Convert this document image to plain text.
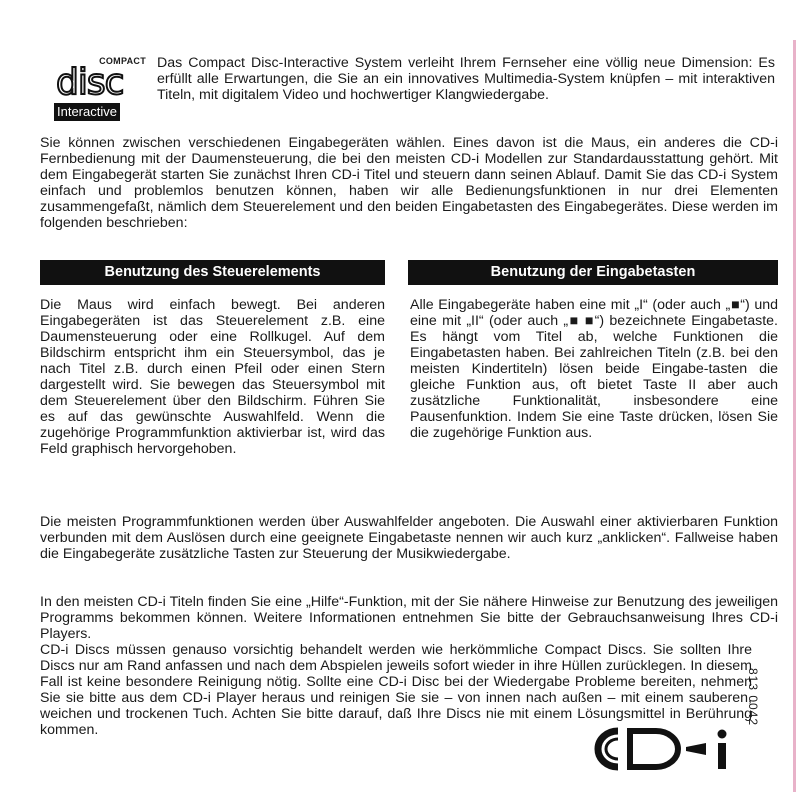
COMPACT
disc
Interactive

Das Compact Disc-Interactive System verleiht Ihrem Fernseher eine völlig neue Dimension: Es erfüllt alle Erwartungen, die Sie an ein innovatives Multimedia-System knüpfen – mit interaktiven Titeln, mit digitalem Video und hochwertiger Klangwiedergabe.

Sie können zwischen verschiedenen Eingabegeräten wählen. Eines davon ist die Maus, ein anderes die CD-i Fernbedienung mit der Daumensteuerung, die bei den meisten CD-i Modellen zur Standardausstattung gehört. Mit dem Eingabegerät starten Sie zunächst Ihren CD-i Titel und steuern dann seinen Ablauf. Damit Sie das CD-i System einfach und problemlos benutzen können, haben wir alle Bedienungsfunktionen in nur drei Elementen zusammengefaßt, nämlich dem Steuerelement und den beiden Eingabetasten des Eingabegerätes. Diese werden im folgenden beschrieben:

Benutzung des Steuerelements	Benutzung der Eingabetasten

Die Maus wird einfach bewegt. Bei anderen Eingabegeräten ist das Steuerelement z.B. eine Daumensteuerung oder eine Rollkugel. Auf dem Bildschirm entspricht ihm ein Steuersymbol, das je nach Titel z.B. durch einen Pfeil oder einen Stern dargestellt wird. Sie bewegen das Steuersymbol mit dem Steuerelement über den Bildschirm. Führen Sie es auf das gewünschte Auswahlfeld. Wenn die zugehörige Programmfunktion aktivierbar ist, wird das Feld graphisch hervorgehoben.

Alle Eingabegeräte haben eine mit „I“ (oder auch „■“) und eine mit „II“ (oder auch „■ ■“) bezeichnete Eingabetaste. Es hängt vom Titel ab, welche Funktionen die Eingabetasten haben. Bei zahlreichen Titeln (z.B. bei den meisten Kindertiteln) lösen beide Eingabe-tasten die gleiche Funktion aus, oft bietet Taste II aber auch zusätzliche Funktionalität, insbesondere eine Pausenfunktion. Indem Sie eine Taste drücken, lösen Sie die zugehörige Funktion aus.

Die meisten Programmfunktionen werden über Auswahlfelder angeboten. Die Auswahl einer aktivierbaren Funktion verbunden mit dem Auslösen durch eine geeignete Eingabetaste nennen wir auch kurz „anklicken“. Fallweise haben die Eingabegeräte zusätzliche Tasten zur Steuerung der Musikwiedergabe.

In den meisten CD-i Titeln finden Sie eine „Hilfe“-Funktion, mit der Sie nähere Hinweise zur Benutzung des jeweiligen Programms bekommen können. Weitere Informationen entnehmen Sie bitte der Gebrauchsanweisung Ihres CD-i Players.

CD-i Discs müssen genauso vorsichtig behandelt werden wie herkömmliche Compact Discs. Sie sollten Ihre Discs nur am Rand anfassen und nach dem Abspielen jeweils sofort wieder in ihre Hüllen zurücklegen. In diesem Fall ist keine besondere Reinigung nötig. Sollte eine CD-i Disc bei der Wiedergabe Probleme bereiten, nehmen Sie sie bitte aus dem CD-i Player heraus und reinigen Sie sie – von innen nach außen – mit einem sauberen, weichen und trockenen Tuch. Achten Sie bitte darauf, daß Ihre Discs nie mit einem Lösungsmittel in Berührung kommen.

813 0042
